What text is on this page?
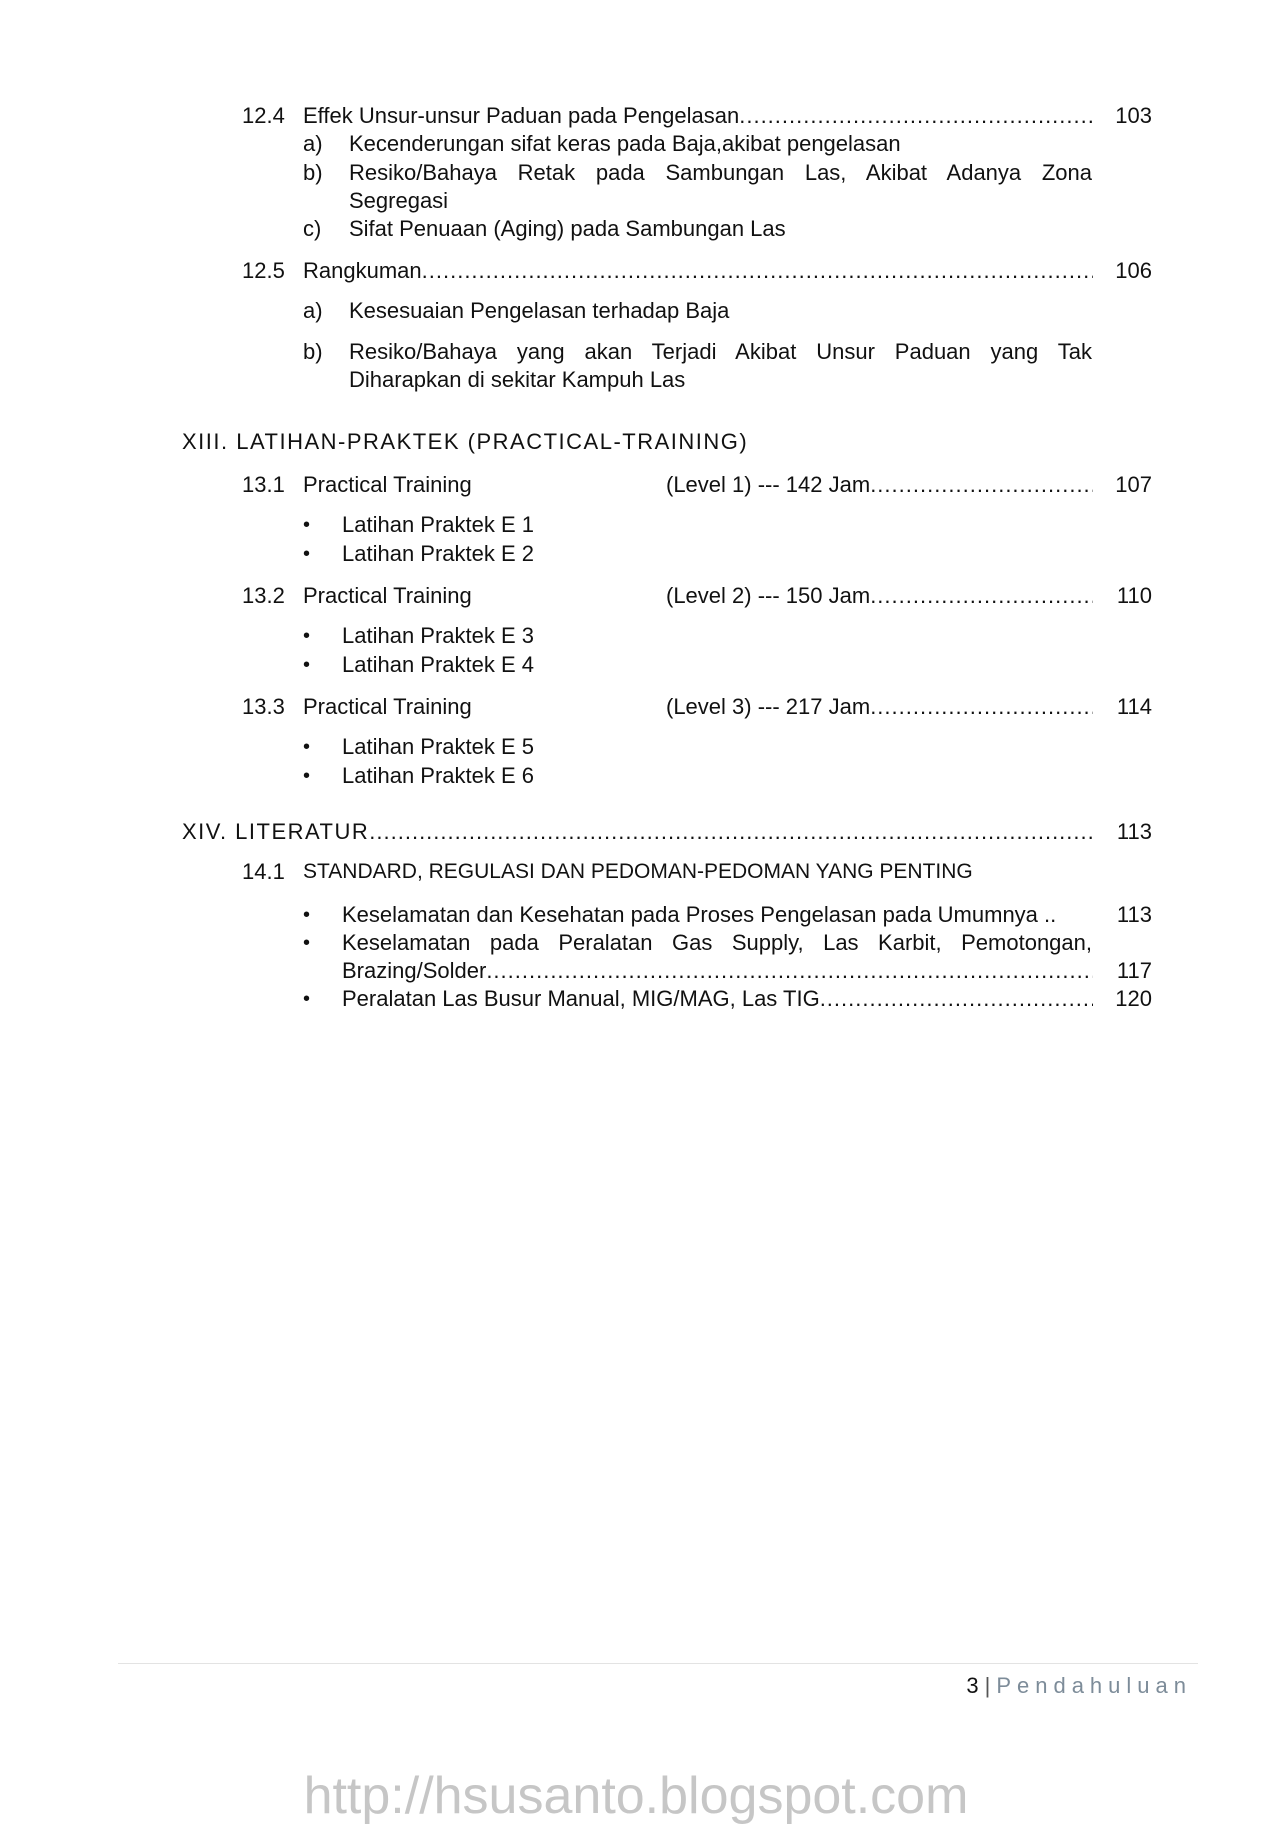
12.4 Effek Unsur-unsur Paduan pada Pengelasan .....	103
a) Kecenderungan sifat keras pada Baja,akibat pengelasan
b) Resiko/Bahaya Retak pada Sambungan Las, Akibat Adanya Zona
Segregasi
c) Sifat Penuaan (Aging) pada Sambungan Las
12.5 Rangkuman .....	106
a) Kesesuaian Pengelasan terhadap Baja
b) Resiko/Bahaya yang akan Terjadi Akibat Unsur Paduan yang Tak
Diharapkan di sekitar Kampuh Las
XIII. LATIHAN-PRAKTEK (PRACTICAL-TRAINING)
13.1 Practical Training	(Level 1) --- 142 Jam .....	107
• Latihan Praktek E 1
• Latihan Praktek E 2
13.2 Practical Training	(Level 2) --- 150 Jam .....	110
• Latihan Praktek E 3
• Latihan Praktek E 4
13.3 Practical Training	(Level 3) --- 217 Jam .....	114
• Latihan Praktek E 5
• Latihan Praktek E 6
XIV. LITERATUR .....	113
14.1 STANDARD, REGULASI DAN PEDOMAN-PEDOMAN YANG PENTING
• Keselamatan dan Kesehatan pada Proses Pengelasan pada Umumnya ..	113
• Keselamatan pada Peralatan Gas Supply, Las Karbit, Pemotongan,
Brazing/Solder .....	117
• Peralatan Las Busur Manual, MIG/MAG, Las TIG .....	120
3 | Pendahuluan
http://hsusanto.blogspot.com
